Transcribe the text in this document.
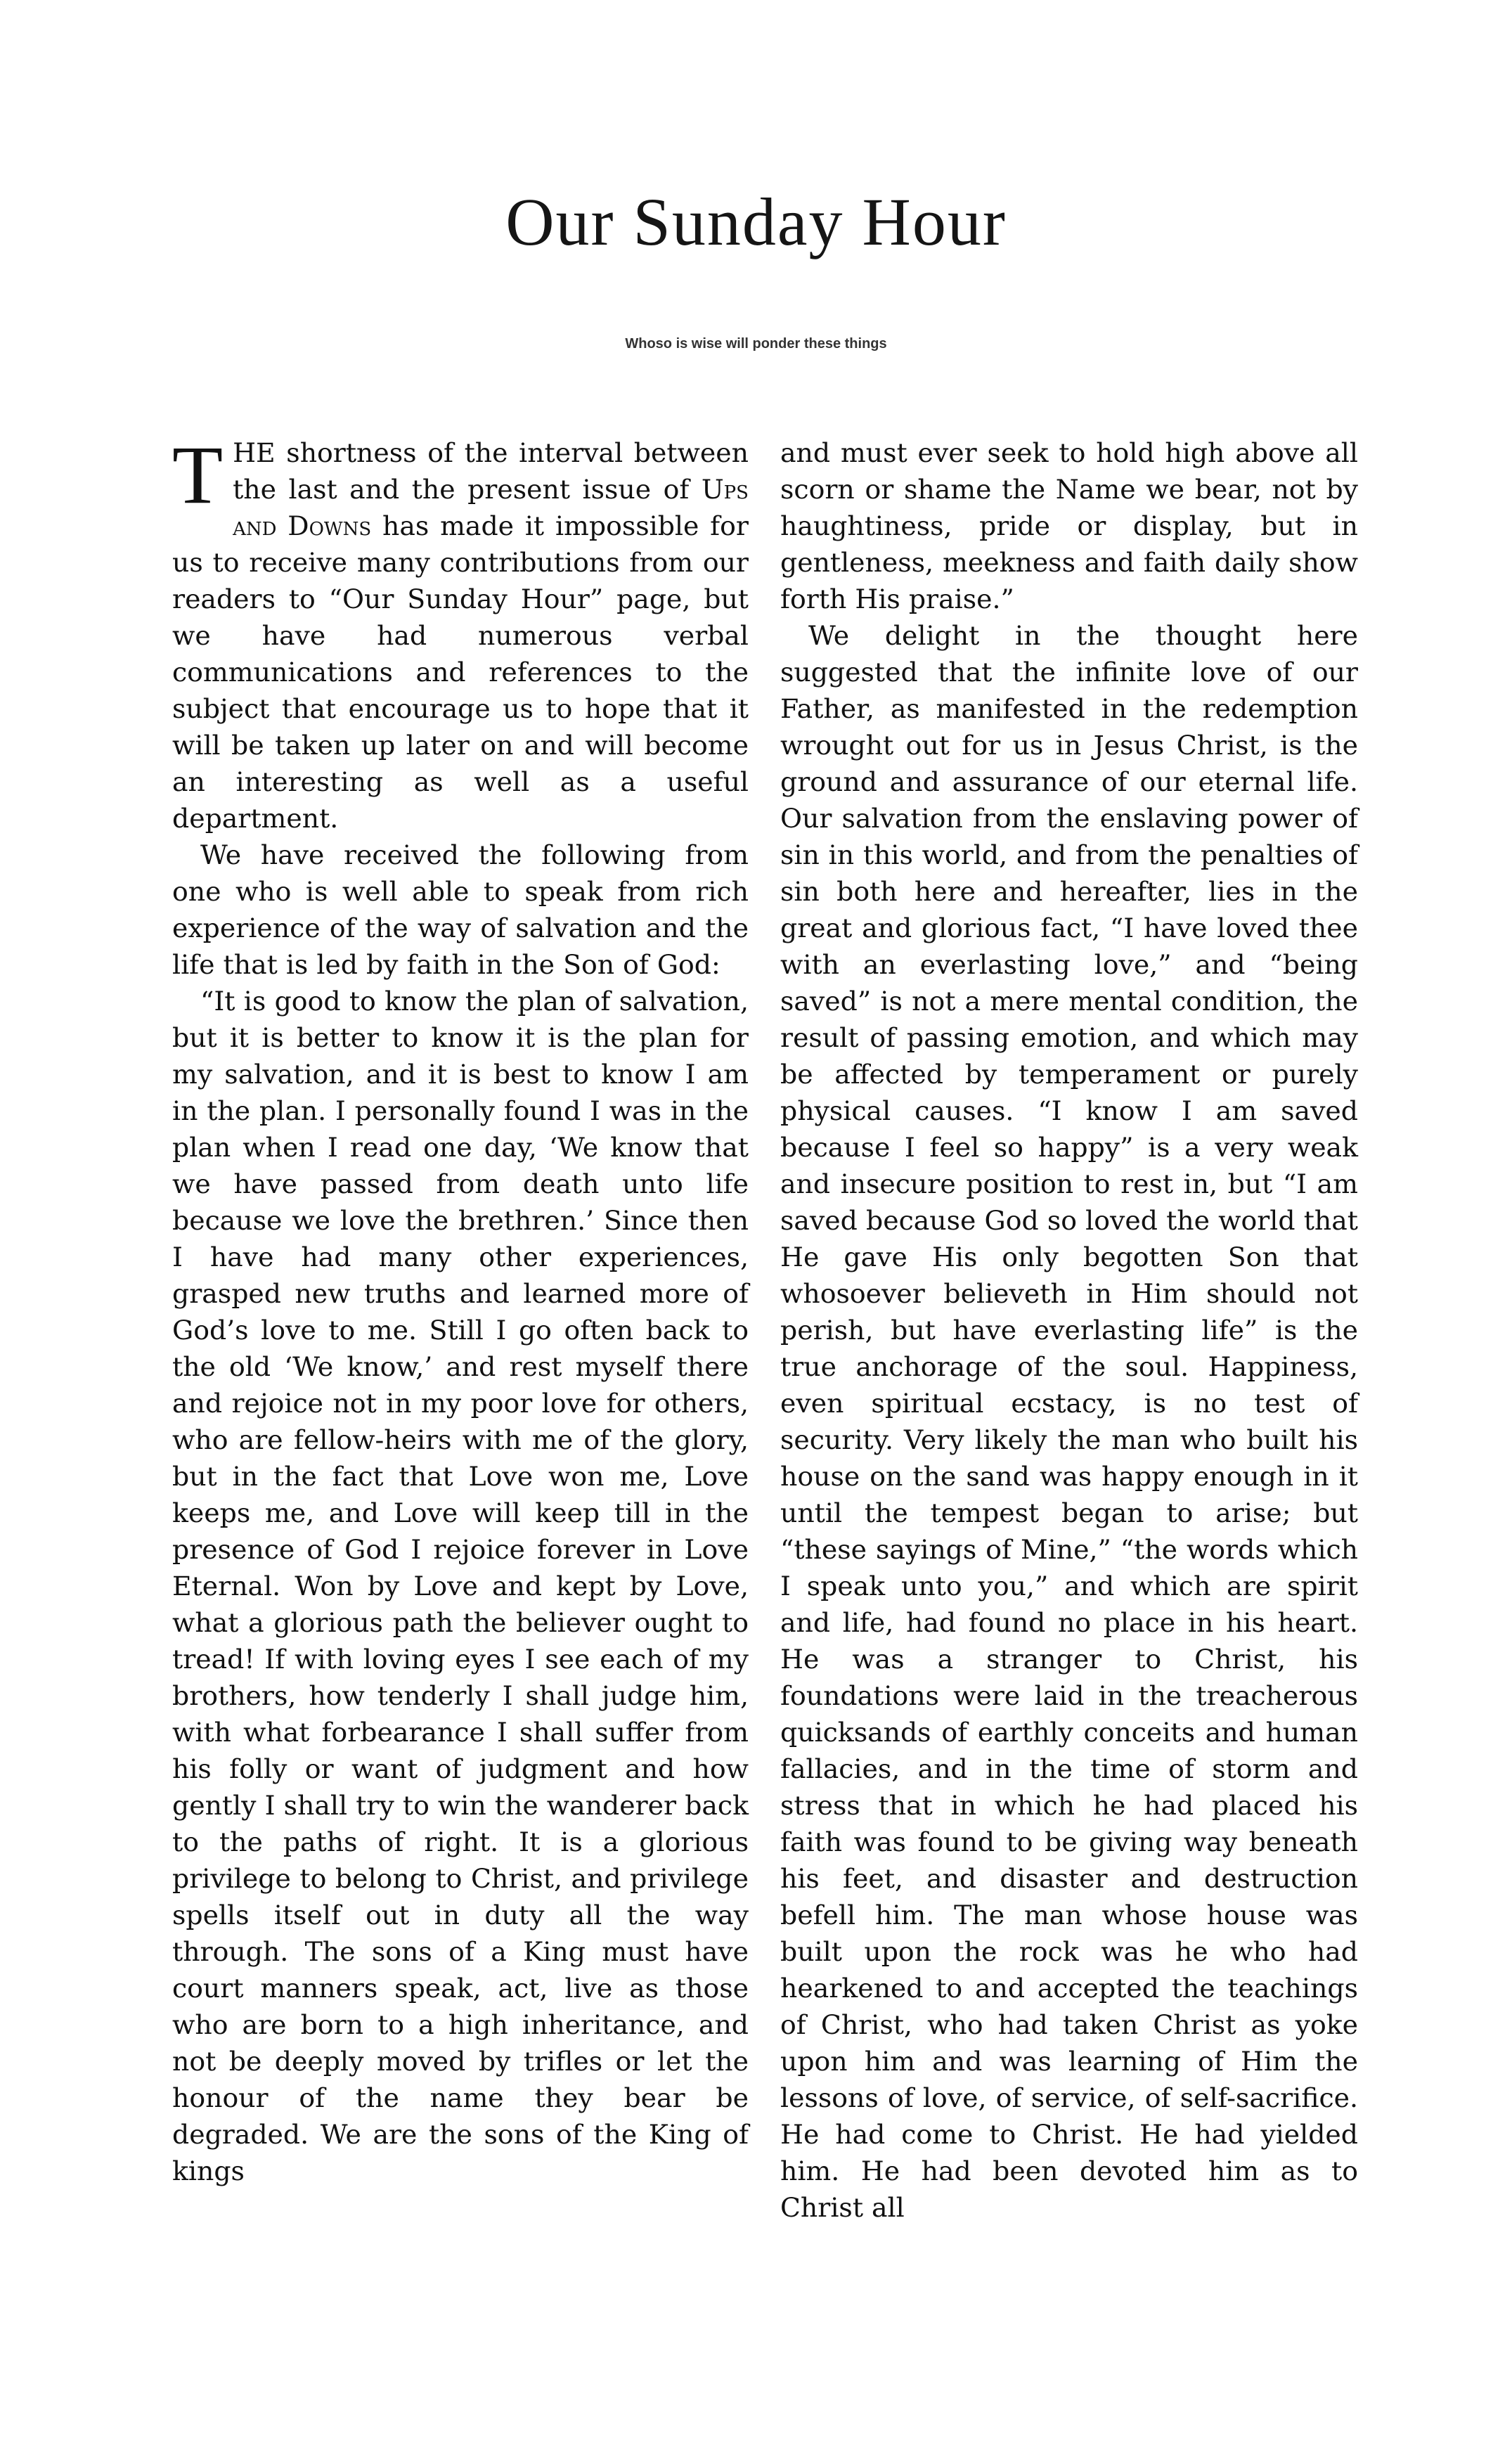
Our Sunday Hour
Whoso is wise will ponder these things

THE shortness of the interval between the last and the present issue of Ups and Downs has made it impossible for us to receive many contributions from our readers to “Our Sunday Hour” page, but we have had numerous verbal communications and references to the subject that encourage us to hope that it will be taken up later on and will become an interesting as well as a useful department.

We have received the following from one who is well able to speak from rich experience of the way of salvation and the life that is led by faith in the Son of God:

“It is good to know the plan of salvation, but it is better to know it is the plan for my salvation, and it is best to know I am in the plan. I personally found I was in the plan when I read one day, ‘We know that we have passed from death unto life because we love the brethren.’ Since then I have had many other experiences, grasped new truths and learned more of God’s love to me. Still I go often back to the old ‘We know,’ and rest myself there and rejoice not in my poor love for others, who are fellow-heirs with me of the glory, but in the fact that Love won me, Love keeps me, and Love will keep till in the presence of God I rejoice forever in Love Eternal. Won by Love and kept by Love, what a glorious path the believer ought to tread! If with loving eyes I see each of my brothers, how tenderly I shall judge him, with what forbearance I shall suffer from his folly or want of judgment and how gently I shall try to win the wanderer back to the paths of right. It is a glorious privilege to belong to Christ, and privilege spells itself out in duty all the way through. The sons of a King must have court manners speak, act, live as those who are born to a high inheritance, and not be deeply moved by trifles or let the honour of the name they bear be degraded. We are the sons of the King of kings

and must ever seek to hold high above all scorn or shame the Name we bear, not by haughtiness, pride or display, but in gentleness, meekness and faith daily show forth His praise.”

We delight in the thought here suggested that the infinite love of our Father, as manifested in the redemption wrought out for us in Jesus Christ, is the ground and assurance of our eternal life. Our salvation from the enslaving power of sin in this world, and from the penalties of sin both here and hereafter, lies in the great and glorious fact, “I have loved thee with an everlasting love,” and “being saved” is not a mere mental condition, the result of passing emotion, and which may be affected by temperament or purely physical causes. “I know I am saved because I feel so happy” is a very weak and insecure position to rest in, but “I am saved because God so loved the world that He gave His only begotten Son that whosoever believeth in Him should not perish, but have everlasting life” is the true anchorage of the soul. Happiness, even spiritual ecstacy, is no test of security. Very likely the man who built his house on the sand was happy enough in it until the tempest began to arise; but “these sayings of Mine,” “the words which I speak unto you,” and which are spirit and life, had found no place in his heart. He was a stranger to Christ, his foundations were laid in the treacherous quicksands of earthly conceits and human fallacies, and in the time of storm and stress that in which he had placed his faith was found to be giving way beneath his feet, and disaster and destruction befell him. The man whose house was built upon the rock was he who had hearkened to and accepted the teachings of Christ, who had taken Christ as yoke upon him and was learning of Him the lessons of love, of service, of self-sacrifice. He had come to Christ. He had yielded him. He had been devoted him as to Christ all
